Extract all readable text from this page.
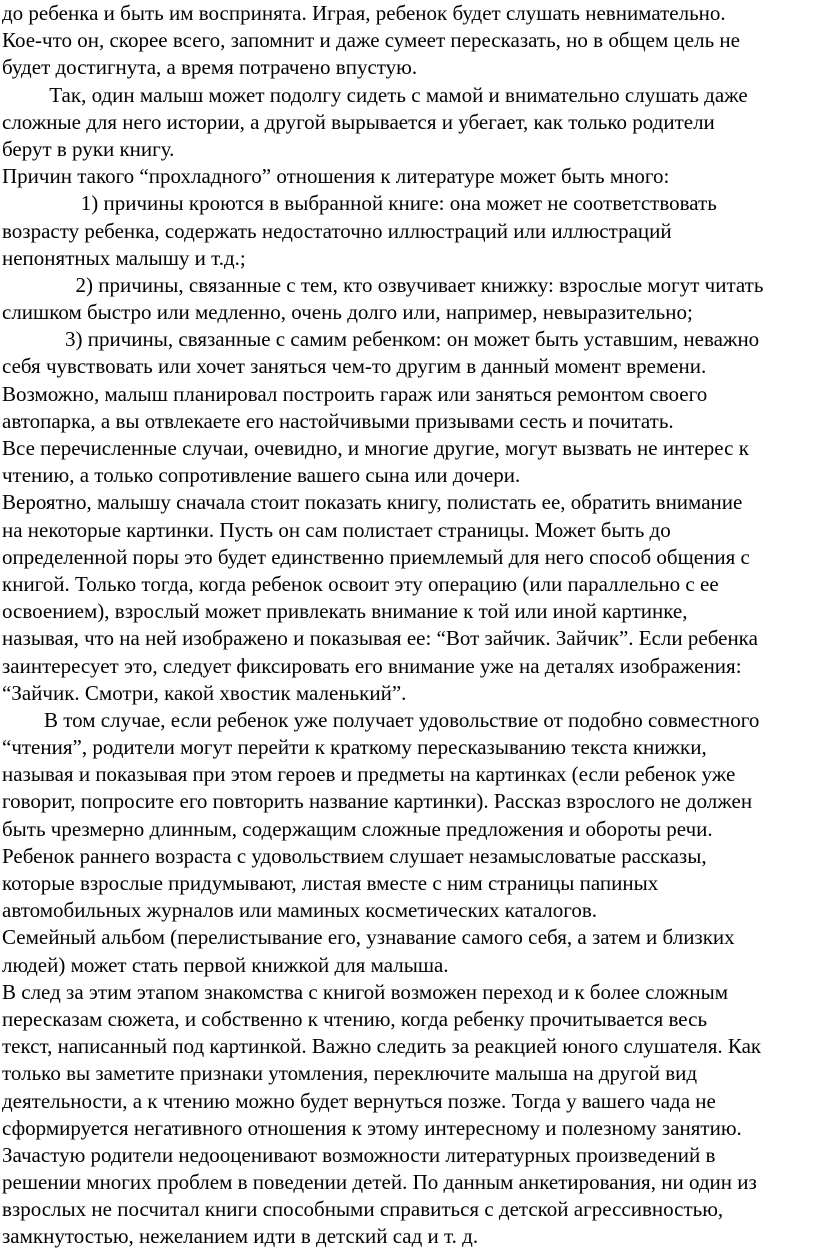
до ребенка и быть им воспринята. Играя, ребенок будет слушать невнимательно.
Кое-что он, скорее всего, запомнит и даже сумеет пересказать, но в общем цель не
будет достигнута, а время потрачено впустую.
Так, один малыш может подолгу сидеть с мамой и внимательно слушать даже
сложные для него истории, а другой вырывается и убегает, как только родители
берут в руки книгу.
Причин такого “прохладного” отношения к литературе может быть много:
1) причины кроются в выбранной книге: она может не соответствовать
возрасту ребенка, содержать недостаточно иллюстраций или иллюстраций
непонятных малышу и т.д.;
2) причины, связанные с тем, кто озвучивает книжку: взрослые могут читать
слишком быстро или медленно, очень долго или, например, невыразительно;
3) причины, связанные с самим ребенком: он может быть уставшим, неважно
себя чувствовать или хочет заняться чем-то другим в данный момент времени.
Возможно, малыш планировал построить гараж или заняться ремонтом своего
автопарка, а вы отвлекаете его настойчивыми призывами сесть и почитать.
Все перечисленные случаи, очевидно, и многие другие, могут вызвать не интерес к
чтению, а только сопротивление вашего сына или дочери.
Вероятно, малышу сначала стоит показать книгу, полистать ее, обратить внимание
на некоторые картинки. Пусть он сам полистает страницы. Может быть до
определенной поры это будет единственно приемлемый для него способ общения с
книгой. Только тогда, когда ребенок освоит эту операцию (или параллельно с ее
освоением), взрослый может привлекать внимание к той или иной картинке,
называя, что на ней изображено и показывая ее: “Вот зайчик. Зайчик”. Если ребенка
заинтересует это, следует фиксировать его внимание уже на деталях изображения:
“Зайчик. Смотри, какой хвостик маленький”.
В том случае, если ребенок уже получает удовольствие от подобно совместного
“чтения”, родители могут перейти к краткому пересказыванию текста книжки,
называя и показывая при этом героев и предметы на картинках (если ребенок уже
говорит, попросите его повторить название картинки). Рассказ взрослого не должен
быть чрезмерно длинным, содержащим сложные предложения и обороты речи.
Ребенок раннего возраста с удовольствием слушает незамысловатые рассказы,
которые взрослые придумывают, листая вместе с ним страницы папиных
автомобильных журналов или маминых косметических каталогов.
Семейный альбом (перелистывание его, узнавание самого себя, а затем и близких
людей) может стать первой книжкой для малыша.
В след за этим этапом знакомства с книгой возможен переход и к более сложным
пересказам сюжета, и собственно к чтению, когда ребенку прочитывается весь
текст, написанный под картинкой. Важно следить за реакцией юного слушателя. Как
только вы заметите признаки утомления, переключите малыша на другой вид
деятельности, а к чтению можно будет вернуться позже. Тогда у вашего чада не
сформируется негативного отношения к этому интересному и полезному занятию.
Зачастую родители недооценивают возможности литературных произведений в
решении многих проблем в поведении детей. По данным анкетирования, ни один из
взрослых не посчитал книги способными справиться с детской агрессивностью,
замкнутостью, нежеланием идти в детский сад и т. д.
